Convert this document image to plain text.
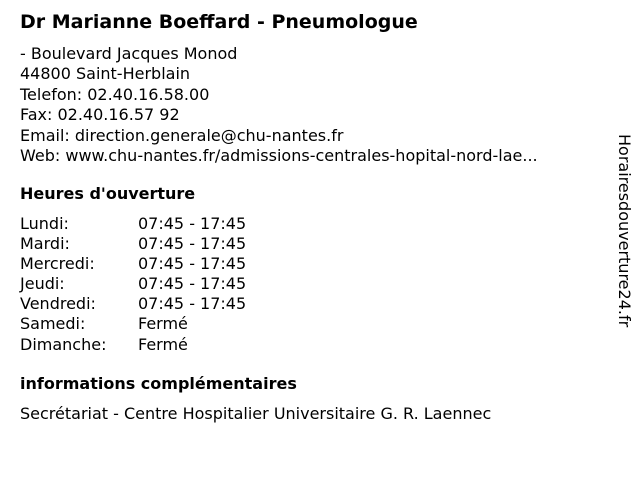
Dr Marianne Boeffard - Pneumologue
- Boulevard Jacques Monod
44800 Saint-Herblain
Telefon: 02.40.16.58.00
Fax: 02.40.16.57 92
Email: direction.generale@chu-nantes.fr
Web: www.chu-nantes.fr/admissions-centrales-hopital-nord-lae...
Heures d'ouverture
Lundi:	07:45 - 17:45
Mardi:	07:45 - 17:45
Mercredi:	07:45 - 17:45
Jeudi:	07:45 - 17:45
Vendredi:	07:45 - 17:45
Samedi:	Fermé
Dimanche: Fermé
informations complémentaires
Secrétariat - Centre Hospitalier Universitaire G. R. Laennec
Horairesdouverture24.fr
